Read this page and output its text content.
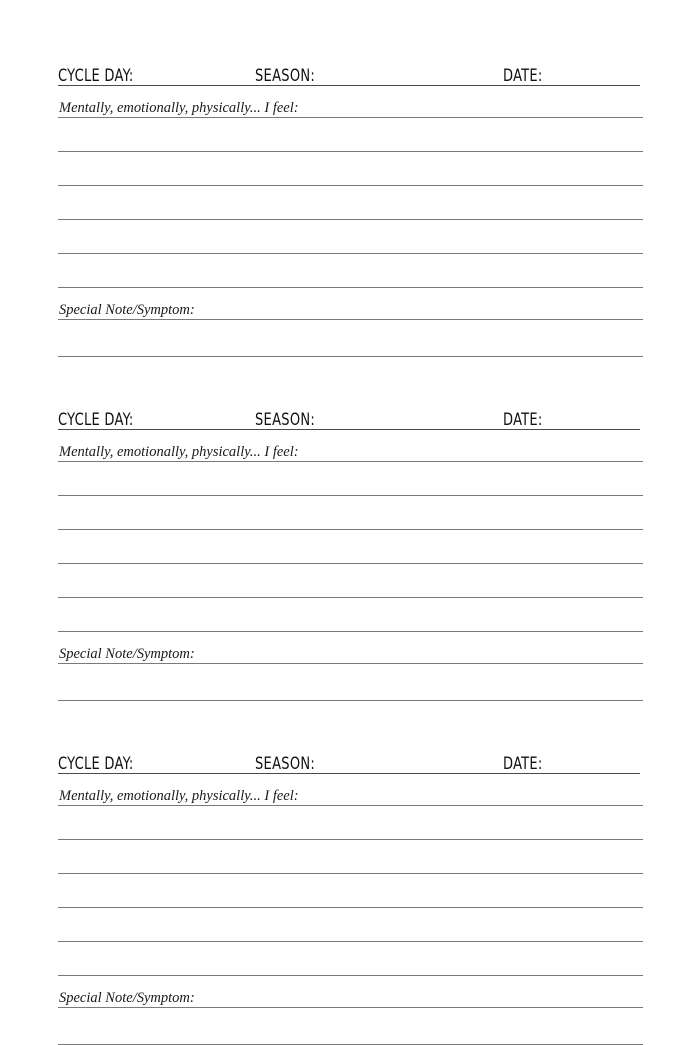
CYCLE DAY:	SEASON:	DATE:
Mentally, emotionally, physically... I feel:
Special Note/Symptom:
CYCLE DAY:	SEASON:	DATE:
Mentally, emotionally, physically... I feel:
Special Note/Symptom:
CYCLE DAY:	SEASON:	DATE:
Mentally, emotionally, physically... I feel:
Special Note/Symptom:
